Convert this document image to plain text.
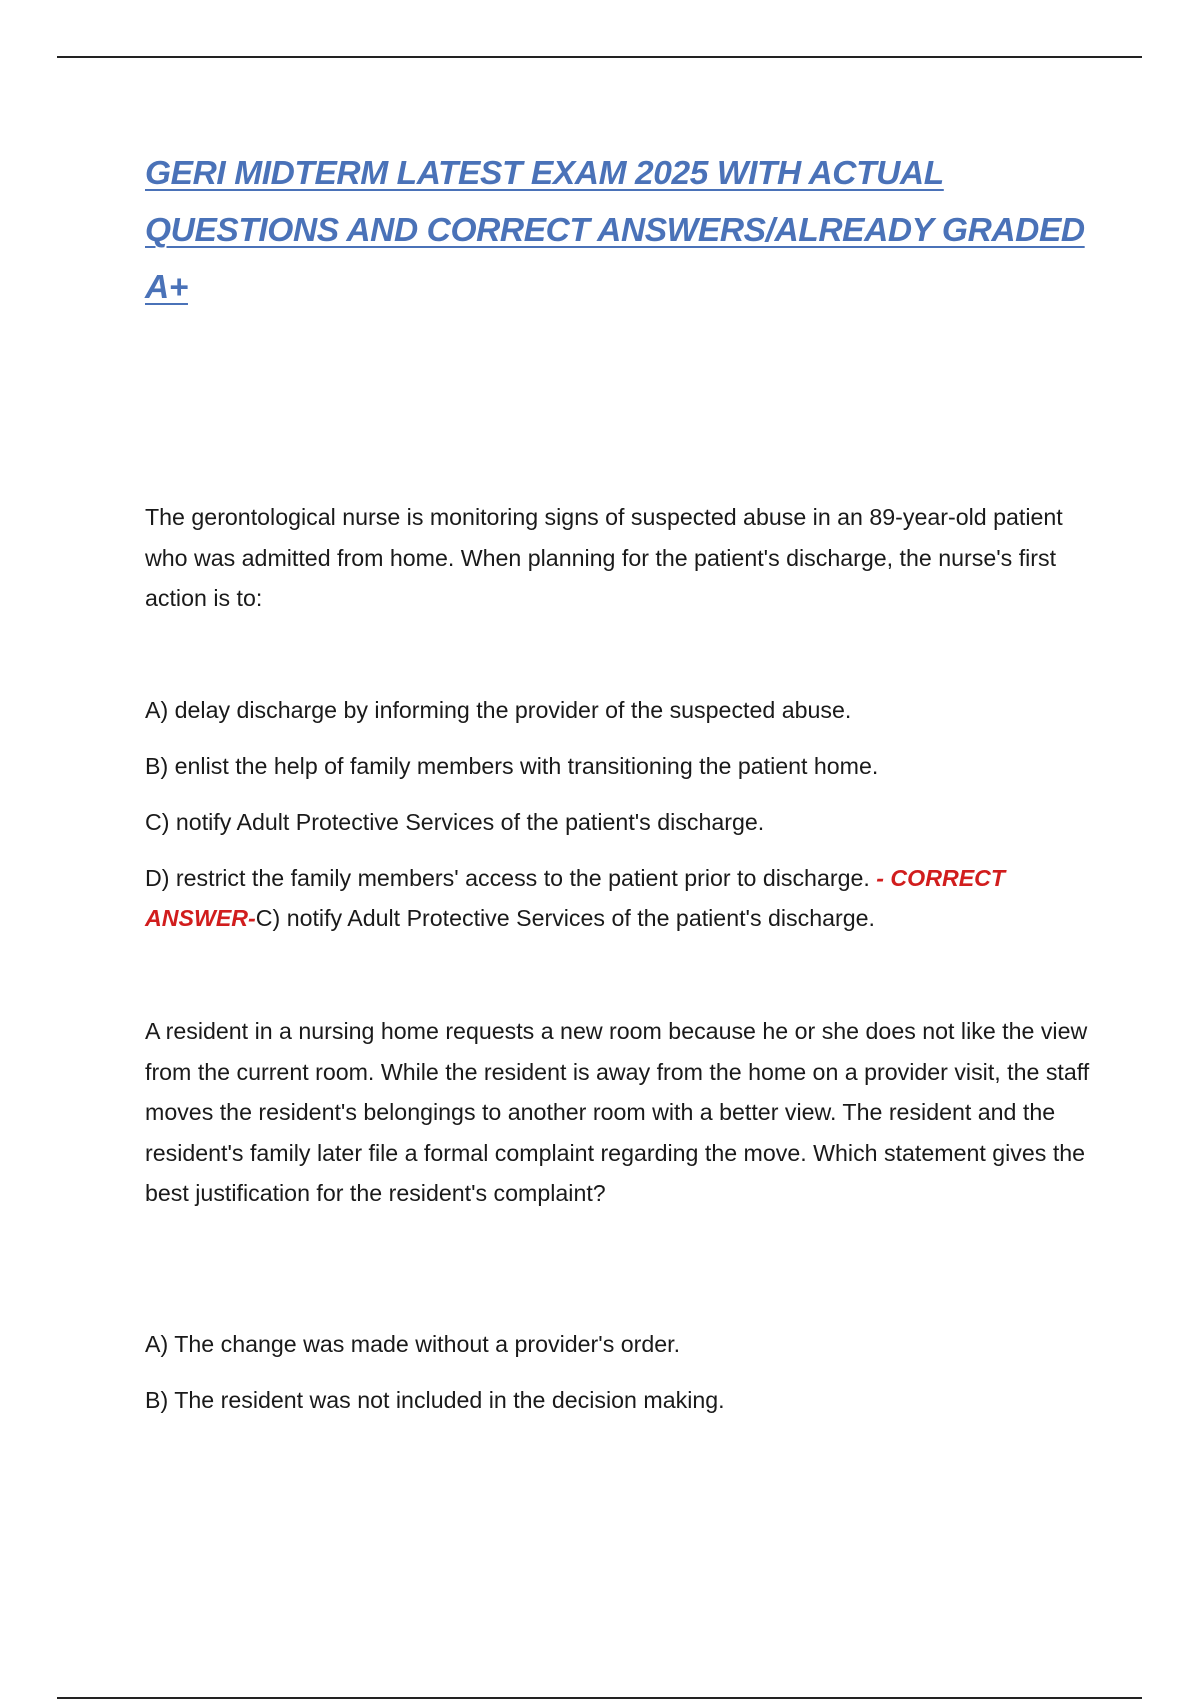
GERI MIDTERM LATEST EXAM 2025 WITH ACTUAL QUESTIONS AND CORRECT ANSWERS/ALREADY GRADED A+

The gerontological nurse is monitoring signs of suspected abuse in an 89-year-old patient who was admitted from home. When planning for the patient's discharge, the nurse's first action is to:

A) delay discharge by informing the provider of the suspected abuse.

B) enlist the help of family members with transitioning the patient home.

C) notify Adult Protective Services of the patient's discharge.

D) restrict the family members' access to the patient prior to discharge. - CORRECT ANSWER-C) notify Adult Protective Services of the patient's discharge.

A resident in a nursing home requests a new room because he or she does not like the view from the current room. While the resident is away from the home on a provider visit, the staff moves the resident's belongings to another room with a better view. The resident and the resident's family later file a formal complaint regarding the move. Which statement gives the best justification for the resident's complaint?

A) The change was made without a provider's order.

B) The resident was not included in the decision making.
